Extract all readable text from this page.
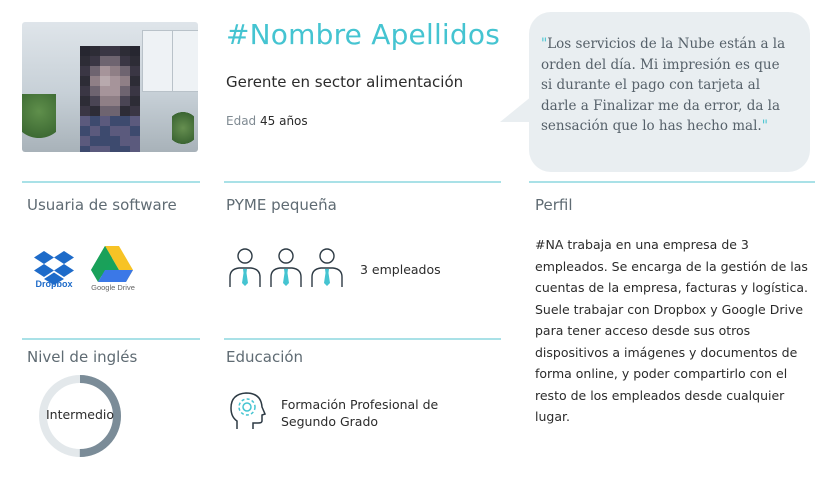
#Nombre Apellidos
Gerente en sector alimentación
Edad 45 años
"Los servicios de la Nube están a la orden del día. Mi impresión es que si durante el pago con tarjeta al darle a Finalizar me da error, da la sensación que lo has hecho mal."
Usuaria de software	PYME pequeña	Perfil
Dropbox	Google Drive
3 empleados

#NA trabaja en una empresa de 3 empleados. Se encarga de la gestión de las cuentas de la empresa, facturas y logística.

Suele trabajar con Dropbox y Google Drive para tener acceso desde sus otros dispositivos a imágenes y documentos de forma online, y poder compartirlo con el resto de los empleados desde cualquier lugar.

Nivel de inglés	Educación
Intermedio
Formación Profesional de Segundo Grado
